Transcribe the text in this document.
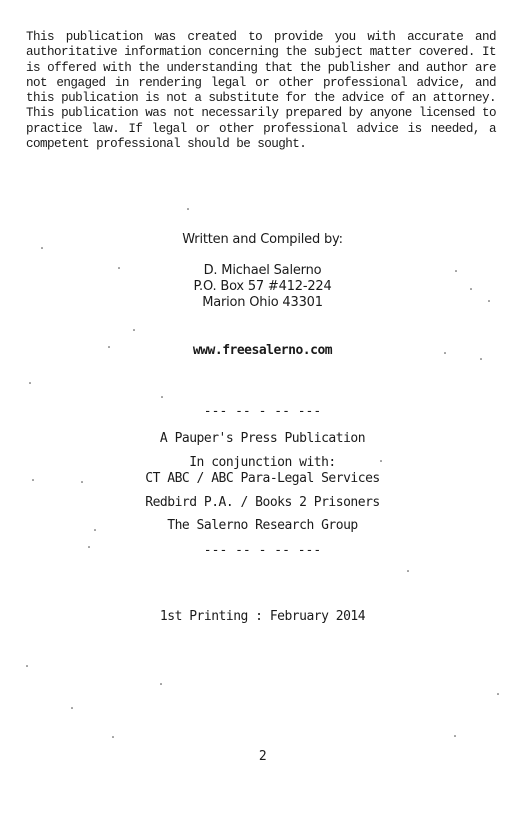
This publication was created to provide you with accurate and authoritative information concerning the subject matter covered. It is offered with the understanding that the publisher and author are not engaged in rendering legal or other professional advice, and this publication is not a substitute for the advice of an attorney. This publication was not necessarily prepared by anyone licensed to practice law. If legal or other professional advice is needed, a competent professional should be sought.

Written and Compiled by:

D. Michael Salerno

P.O. Box 57 #412-224

Marion Ohio 43301

www.freesalerno.com

--- -- - -- ---

A Pauper's Press Publication

In conjunction with:

CT ABC / ABC Para-Legal Services

Redbird P.A. / Books 2 Prisoners

The Salerno Research Group

--- -- - -- ---

1st Printing : February 2014

2
